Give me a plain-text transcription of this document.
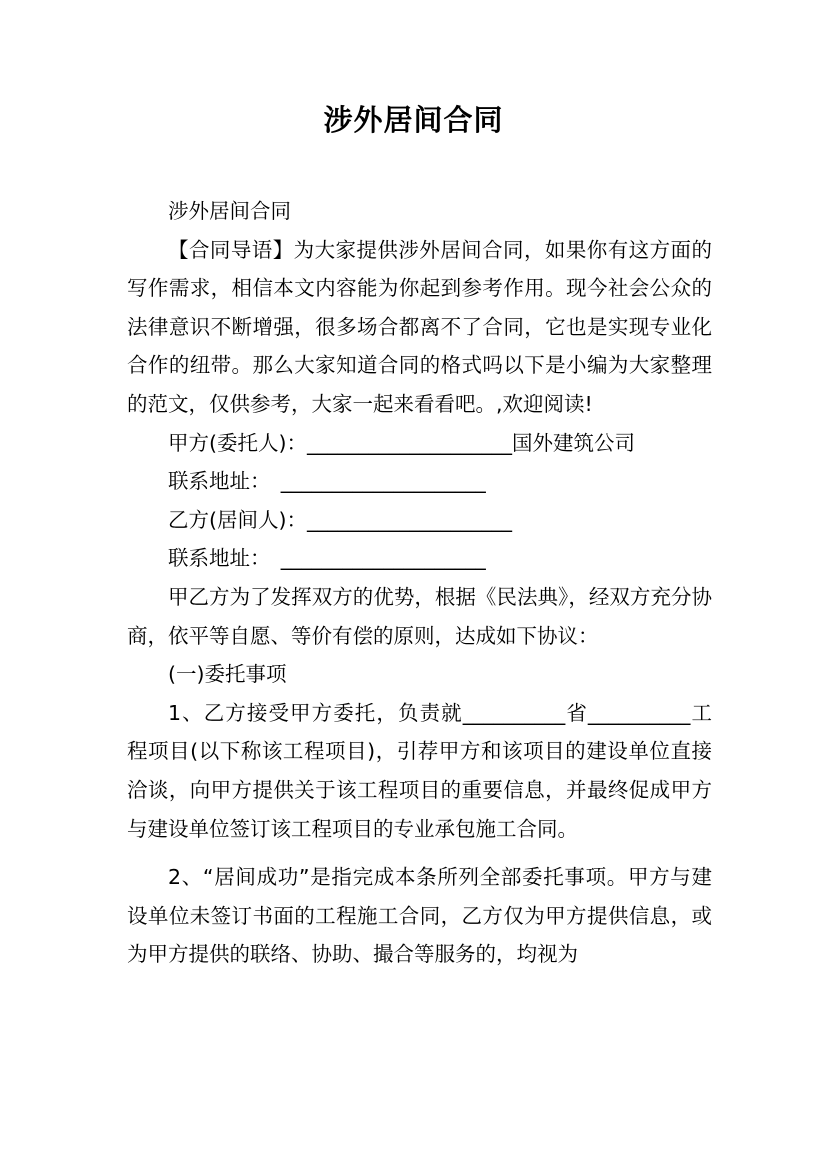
涉外居间合同

涉外居间合同

【合同导语】为大家提供涉外居间合同，如果你有这方面的写作需求，相信本文内容能为你起到参考作用。现今社会公众的法律意识不断增强，很多场合都离不了合同，它也是实现专业化合作的纽带。那么大家知道合同的格式吗以下是小编为大家整理的范文，仅供参考，大家一起来看看吧。,欢迎阅读!

甲方(委托人)：____________________国外建筑公司

联系地址：　____________________

乙方(居间人)：____________________

联系地址：　____________________

甲乙方为了发挥双方的优势，根据《民法典》，经双方充分协商，依平等自愿、等价有偿的原则，达成如下协议：

(一)委托事项

1、乙方接受甲方委托，负责就__________省__________工程项目(以下称该工程项目)，引荐甲方和该项目的建设单位直接洽谈，向甲方提供关于该工程项目的重要信息，并最终促成甲方与建设单位签订该工程项目的专业承包施工合同。

2、“居间成功”是指完成本条所列全部委托事项。甲方与建设单位未签订书面的工程施工合同，乙方仅为甲方提供信息，或为甲方提供的联络、协助、撮合等服务的，均视为
